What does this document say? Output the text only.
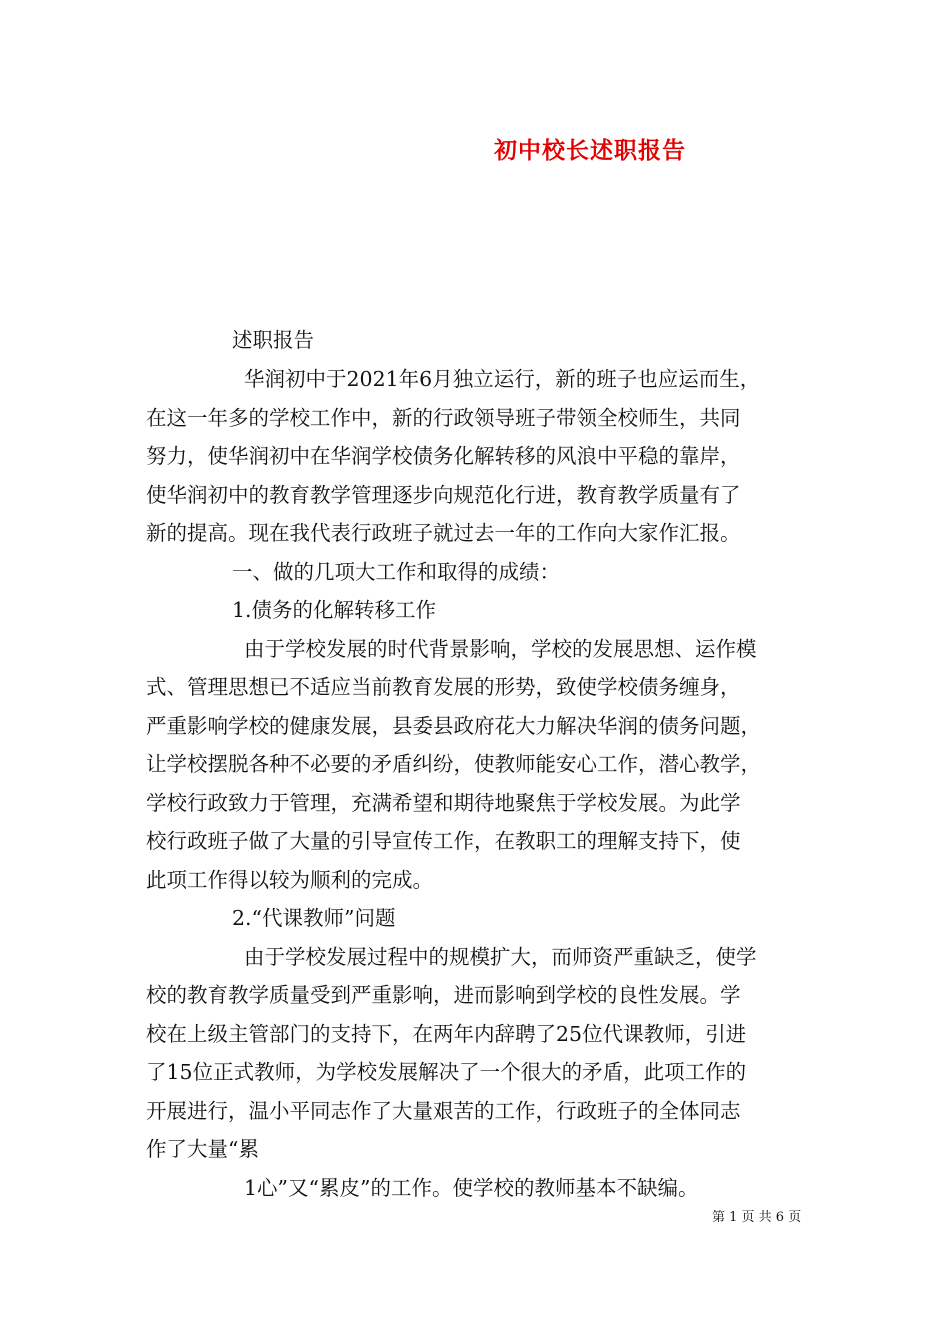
初中校长述职报告
述职报告
华润初中于2021年6月独立运行，新的班子也应运而生，
在这一年多的学校工作中，新的行政领导班子带领全校师生，共同
努力，使华润初中在华润学校债务化解转移的风浪中平稳的靠岸，
使华润初中的教育教学管理逐步向规范化行进，教育教学质量有了
新的提高。现在我代表行政班子就过去一年的工作向大家作汇报。
一、做的几项大工作和取得的成绩：
1.债务的化解转移工作
由于学校发展的时代背景影响，学校的发展思想、运作模
式、管理思想已不适应当前教育发展的形势，致使学校债务缠身，
严重影响学校的健康发展，县委县政府花大力解决华润的债务问题，
让学校摆脱各种不必要的矛盾纠纷，使教师能安心工作，潜心教学，
学校行政致力于管理，充满希望和期待地聚焦于学校发展。为此学
校行政班子做了大量的引导宣传工作，在教职工的理解支持下，使
此项工作得以较为顺利的完成。
2.“代课教师”问题
由于学校发展过程中的规模扩大，而师资严重缺乏，使学
校的教育教学质量受到严重影响，进而影响到学校的良性发展。学
校在上级主管部门的支持下，在两年内辞聘了25位代课教师，引进
了15位正式教师，为学校发展解决了一个很大的矛盾，此项工作的
开展进行，温小平同志作了大量艰苦的工作，行政班子的全体同志
作了大量“累
1心”又“累皮”的工作。使学校的教师基本不缺编。
第 1 页 共 6 页
